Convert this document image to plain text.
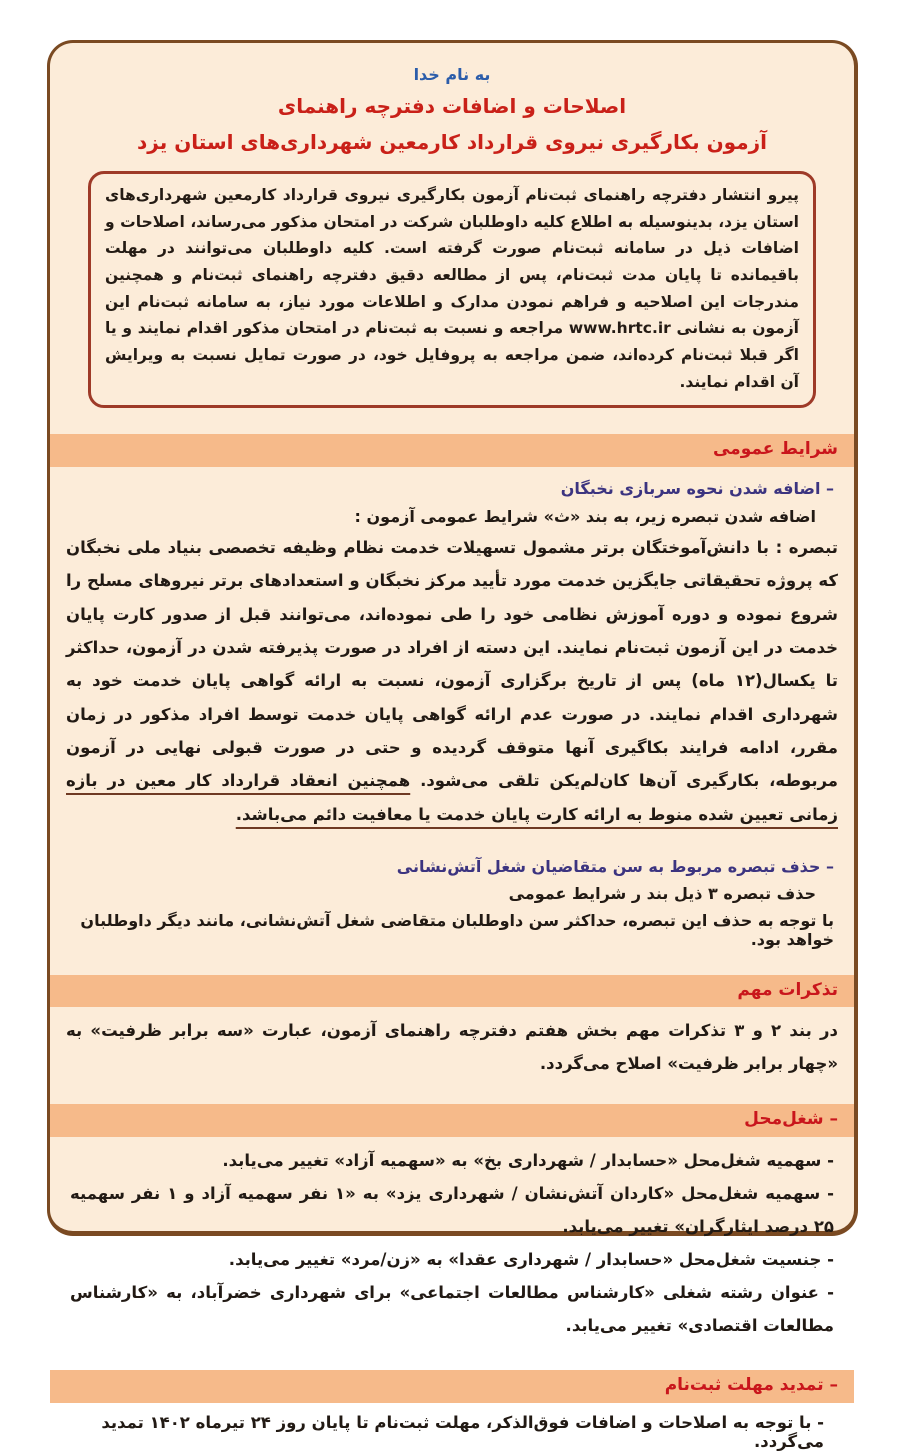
به نام خدا
اصلاحات و اضافات دفترچه راهنمای
آزمون بکارگیری نیروی قرارداد کارمعین شهرداری‌های استان یزد
پیرو انتشار دفترچه راهنمای ثبت‌نام آزمون بکارگیری نیروی قرارداد کارمعین شهرداری‌های استان یزد، بدینوسیله به اطلاع کلیه داوطلبان شرکت در امتحان مذکور می‌رساند، اصلاحات و اضافات ذیل در سامانه ثبت‌نام صورت گرفته است. کلیه داوطلبان می‌توانند در مهلت باقیمانده تا پایان مدت ثبت‌نام، پس از مطالعه دقیق دفترچه راهنمای ثبت‌نام و همچنین مندرجات این اصلاحیه و فراهم نمودن مدارک و اطلاعات مورد نیاز، به سامانه ثبت‌نام این آزمون به نشانی www.hrtc.ir مراجعه و نسبت به ثبت‌نام در امتحان مذکور اقدام نمایند و یا اگر قبلا ثبت‌نام کرده‌اند، ضمن مراجعه به پروفایل خود، در صورت تمایل نسبت به ویرایش آن اقدام نمایند.
شرایط عمومی
– اضافه شدن نحوه سربازی نخبگان
اضافه شدن تبصره زیر، به بند «ث» شرایط عمومی آزمون :

تبصره : با دانش‌آموختگان برتر مشمول تسهیلات خدمت نظام وظیفه تخصصی بنیاد ملی نخبگان که پروژه تحقیقاتی جایگزین خدمت مورد تأیید مرکز نخبگان و استعدادهای برتر نیروهای مسلح را شروع نموده و دوره آموزش نظامی خود را طی نموده‌اند، می‌توانند قبل از صدور کارت پایان خدمت در این آزمون ثبت‌نام نمایند. این دسته از افراد در صورت پذیرفته شدن در آزمون، حداکثر تا یکسال(۱۲ ماه) پس از تاریخ برگزاری آزمون، نسبت به ارائه گواهی پایان خدمت خود به شهرداری اقدام نمایند. در صورت عدم ارائه گواهی پایان خدمت توسط افراد مذکور در زمان مقرر، ادامه فرایند بکاگیری آنها متوقف گردیده و حتی در صورت قبولی نهایی در آزمون مربوطه، بکارگیری آن‌ها کان‌لم‌یکن تلقی می‌شود. همچنین انعقاد قرارداد کار معین در بازه زمانی تعیین شده منوط به ارائه کارت پایان خدمت یا معافیت دائم می‌باشد.

– حذف تبصره مربوط به سن متقاضیان شغل آتش‌نشانی
حذف تبصره ۳ ذیل بند ر شرایط عمومی
با توجه به حذف این تبصره، حداکثر سن داوطلبان متقاضی شغل آتش‌نشانی، مانند دیگر داوطلبان خواهد بود.
تذکرات مهم
در بند ۲ و ۳ تذکرات مهم بخش هفتم دفترچه راهنمای آزمون، عبارت «سه برابر ظرفیت» به «چهار برابر ظرفیت» اصلاح می‌گردد.
– شغل‌محل
- سهمیه شغل‌محل «حسابدار / شهرداری بخ» به «سهمیه آزاد» تغییر می‌یابد.
- سهمیه شغل‌محل «کاردان آتش‌نشان / شهرداری یزد» به «۱ نفر سهمیه آزاد و ۱ نفر سهمیه ۲۵ درصد ایثارگران» تغییر می‌یابد.
- جنسیت شغل‌محل «حسابدار / شهرداری عقدا» به «زن/مرد» تغییر می‌یابد.
- عنوان رشته شغلی «کارشناس مطالعات اجتماعی» برای شهرداری خضرآباد، به «کارشناس مطالعات اقتصادی» تغییر می‌یابد.
– تمدید مهلت ثبت‌نام
- با توجه به اصلاحات و اضافات فوق‌الذکر، مهلت ثبت‌نام تا پایان روز ۲۴ تیرماه ۱۴۰۲ تمدید می‌گردد.
